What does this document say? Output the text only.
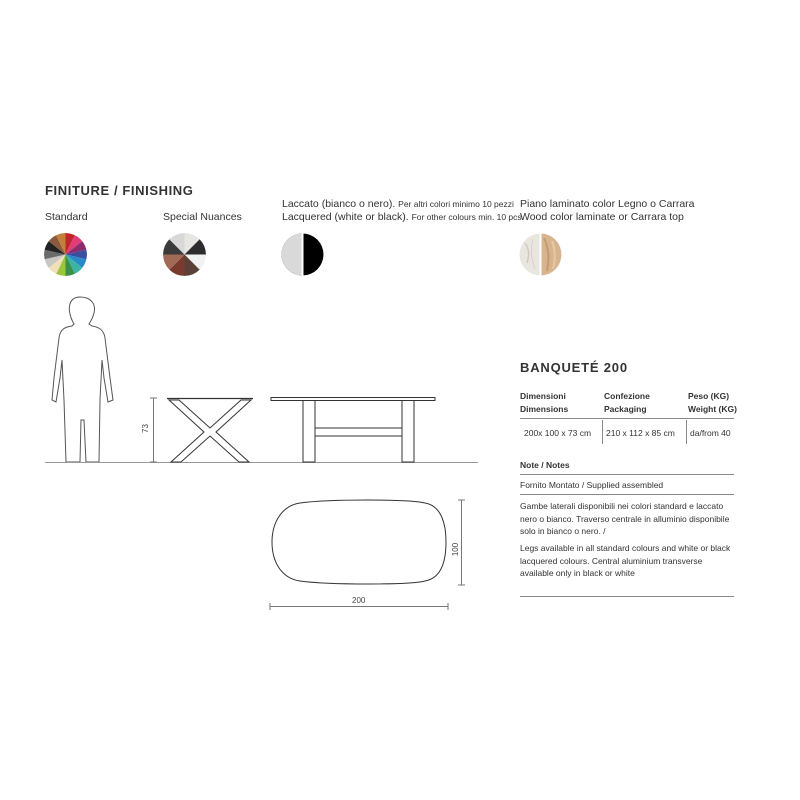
FINITURE / FINISHING
Standard	Special Nuances
Laccato (bianco o nero). Per altri colori minimo 10 pezzi
Lacquered (white or black). For other colours min. 10 pcs
Piano laminato color Legno o Carrara
Wood color laminate or Carrara top
73
200
100
BANQUETÉ 200
Dimensioni
Dimensions
Confezione
Packaging
Peso (KG)
Weight (KG)
200x 100 x 73 cm 210 x 112 x 85 cm da/from 40
Note / Notes
Fornito Montato / Supplied assembled
Gambe laterali disponibili nei colori standard e laccato nero o bianco. Traverso centrale in alluminio disponibile solo in bianco o nero. /
Legs available in all standard colours and white or black lacquered colours. Central aluminium transverse available only in black or white
